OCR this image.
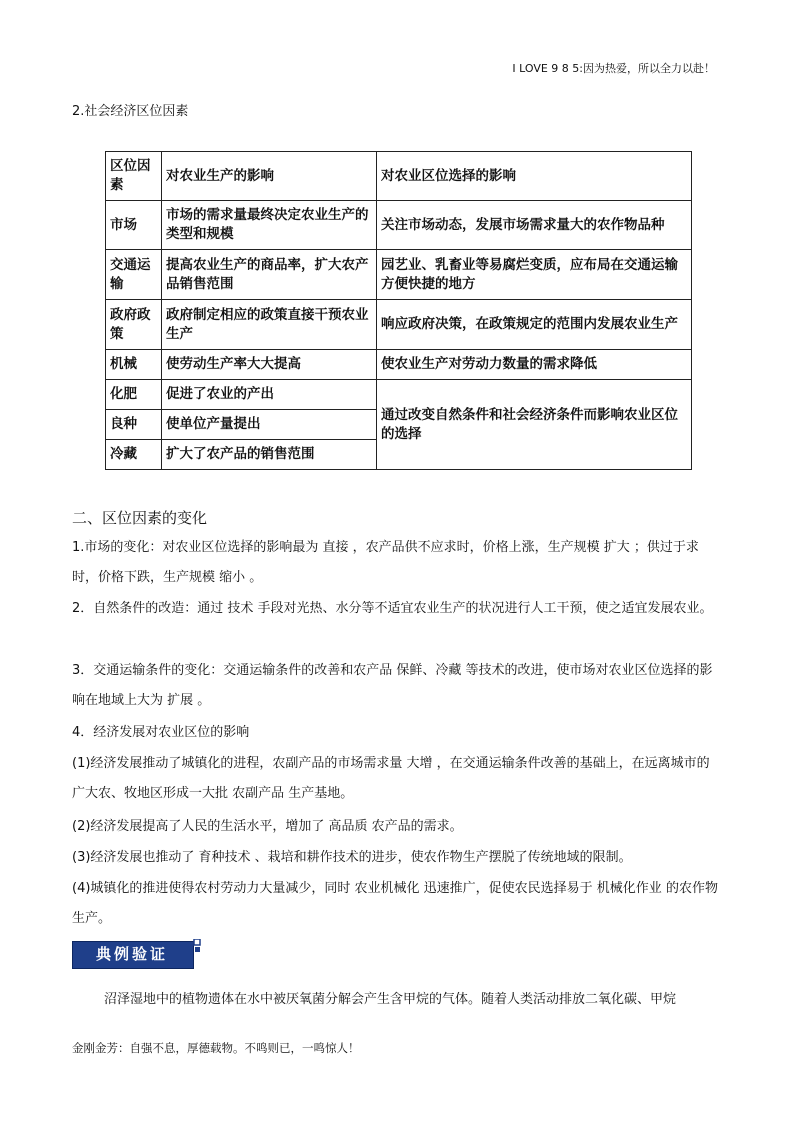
I LOVE 9 8 5:因为热爱，所以全力以赴！
2.社会经济区位因素
区位因素	对农业生产的影响	对农业区位选择的影响
市场	市场的需求量最终决定农业生产的类型和规模	关注市场动态，发展市场需求量大的农作物品种
交通运输	提高农业生产的商品率，扩大农产品销售范围	园艺业、乳畜业等易腐烂变质，应布局在交通运输方便快捷的地方
政府政策	政府制定相应的政策直接干预农业生产	响应政府决策，在政策规定的范围内发展农业生产
机械	使劳动生产率大大提高	使农业生产对劳动力数量的需求降低
化肥	促进了农业的产出	通过改变自然条件和社会经济条件而影响农业区位的选择
良种	使单位产量提出	
冷藏	扩大了农产品的销售范围	
二、区位因素的变化
1.市场的变化：对农业区位选择的影响最为 直接 ，农产品供不应求时，价格上涨，生产规模 扩大 ；供过于求时，价格下跌，生产规模 缩小 。
2．自然条件的改造：通过 技术 手段对光热、水分等不适宜农业生产的状况进行人工干预，使之适宜发展农业。
3．交通运输条件的变化：交通运输条件的改善和农产品 保鲜、冷藏 等技术的改进，使市场对农业区位选择的影响在地域上大为 扩展 。
4．经济发展对农业区位的影响
(1)经济发展推动了城镇化的进程，农副产品的市场需求量 大增 ，在交通运输条件改善的基础上，在远离城市的广大农、牧地区形成一大批 农副产品 生产基地。
(2)经济发展提高了人民的生活水平，增加了 高品质 农产品的需求。
(3)经济发展也推动了 育种技术 、栽培和耕作技术的进步，使农作物生产摆脱了传统地域的限制。
(4)城镇化的推进使得农村劳动力大量减少，同时 农业机械化 迅速推广，促使农民选择易于 机械化作业 的农作物生产。
典例验证
沼泽湿地中的植物遗体在水中被厌氧菌分解会产生含甲烷的气体。随着人类活动排放二氧化碳、甲烷
金刚金芳：自强不息，厚德载物。不鸣则已，一鸣惊人！
